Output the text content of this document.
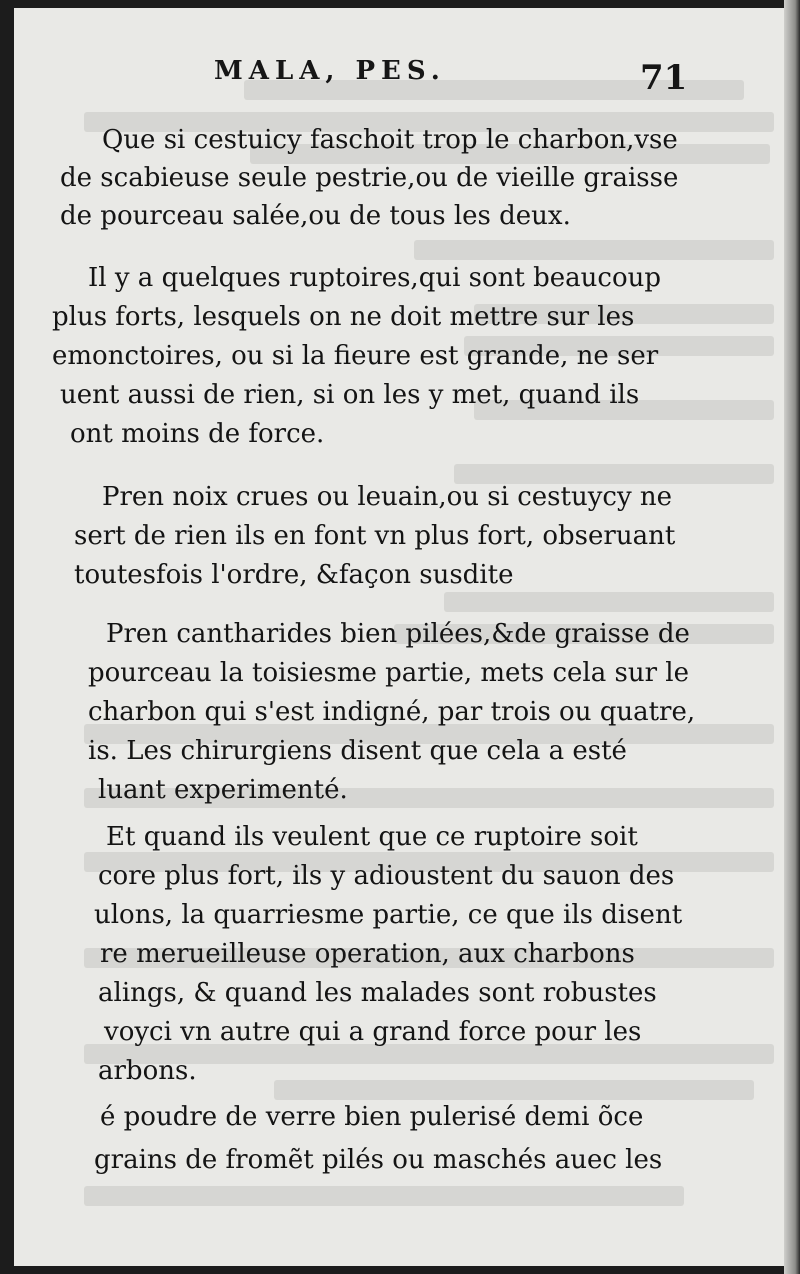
MALA, PES.	71
Que si cestuicy faschoit trop le charbon,vse
de scabieuse seule pestrie,ou de vieille graisse
de pourceau salée,ou de tous les deux.
Il y a quelques ruptoires,qui sont beaucoup
plus forts, lesquels on ne doit mettre sur les
emonctoires, ou si la fieure est grande, ne ser
uent aussi de rien, si on les y met, quand ils
ont moins de force.
Pren noix crues ou leuain,ou si cestuycy ne
sert de rien ils en font vn plus fort, obseruant
toutesfois l'ordre, &façon susdite
Pren cantharides bien pilées,&de graisse de
pourceau la toisiesme partie, mets cela sur le
charbon qui s'est indigné, par trois ou quatre,
is. Les chirurgiens disent que cela a esté
luant experimenté.
Et quand ils veulent que ce ruptoire soit
core plus fort, ils y adioustent du sauon des
ulons, la quarriesme partie, ce que ils disent
re merueilleuse operation, aux charbons
alings, & quand les malades sont robustes
voyci vn autre qui a grand force pour les
arbons.
é poudre de verre bien pulerisé demi õce
grains de fromẽt pilés ou maschés auec les
